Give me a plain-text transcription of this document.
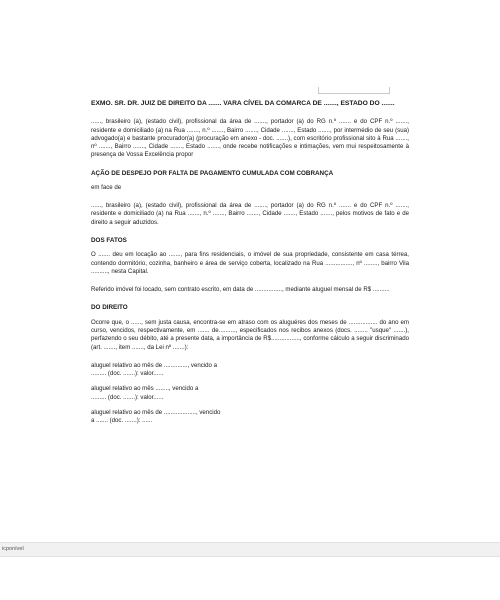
EXMO. SR. DR. JUIZ DE DIREITO DA ....... VARA CÍVEL DA COMARCA DE ......., ESTADO DO .......

......, brasileiro (a), (estado civil), profissional da área de ......., portador (a) do RG n.º ....... e do CPF n.º ......., residente e domiciliado (a) na Rua ......., n.º ......., Bairro ......., Cidade ......., Estado ......., por intermédio de seu (sua) advogado(a) e bastante procurador(a) (procuração em anexo - doc. .......), com escritório profissional sito à Rua ......., nº ......., Bairro ......., Cidade ......., Estado ......., onde recebe notificações e intimações, vem mui respeitosamente à presença de Vossa Excelência propor

AÇÃO DE DESPEJO POR FALTA DE PAGAMENTO CUMULADA COM COBRANÇA

em face de

......, brasileiro (a), (estado civil), profissional da área de ......., portador (a) do RG n.º ....... e do CPF n.º ......., residente e domiciliado (a) na Rua ......., n.º ......., Bairro ......., Cidade ......., Estado ......., pelos motivos de fato e de direito a seguir aduzidos.

DOS FATOS

O ....... deu em locação ao ......., para fins residenciais, o imóvel de sua propriedade, consistente em casa térrea, contendo dormitório, cozinha, banheiro e área de serviço coberta, localizado na Rua ................, nº ........, bairro Vila .........., nesta Capital.

Referido imóvel foi locado, sem contrato escrito, em data de ................, mediante aluguel mensal de R$ ..........

DO DIREITO

Ocorre que, o ......, sem justa causa, encontra-se em atraso com os aluguéres dos meses de ................. do ano em curso, vencidos, respectivamente, em ....... de.........., especificados nos recibos anexos (docs. ........ "usque" .......), perfazendo o seu débito, até a presente data, a importância de R$................., conforme cálculo a seguir discriminado (art. ......., item ......., da Lei nº .......):

aluguel relativo ao mês de .............., vencido a

......... (doc. .......): valor......

aluguel relativo ao mês ........, vencido a

......... (doc. .......): valor......

aluguel relativo ao mês de ..................., vencido

a ....... (doc. .......): ......

icponível
